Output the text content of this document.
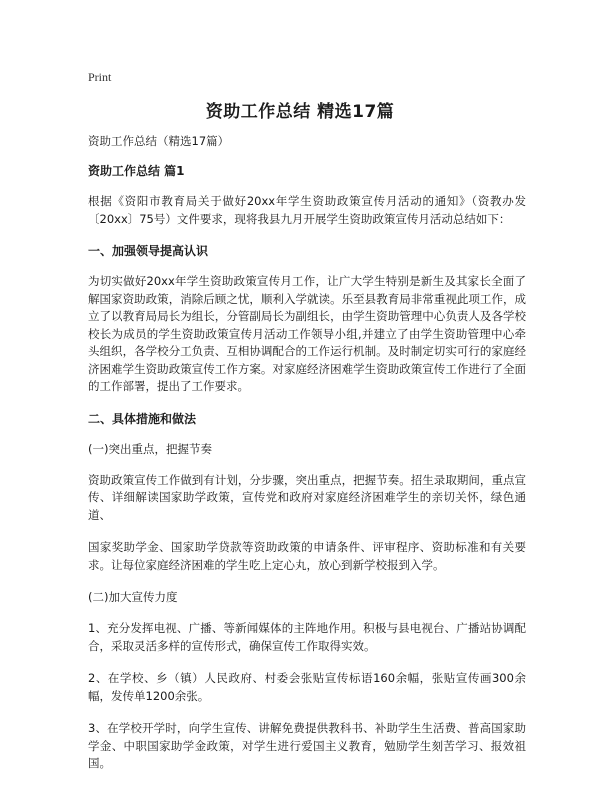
Print
资助工作总结 精选17篇

资助工作总结（精选17篇）

资助工作总结 篇1

根据《资阳市教育局关于做好20xx年学生资助政策宣传月活动的通知》（资教办发〔20xx〕75号）文件要求，现将我县九月开展学生资助政策宣传月活动总结如下：

一、加强领导提高认识

为切实做好20xx年学生资助政策宣传月工作，让广大学生特别是新生及其家长全面了解国家资助政策，消除后顾之忧，顺利入学就读。乐至县教育局非常重视此项工作，成立了以教育局局长为组长，分管副局长为副组长，由学生资助管理中心负责人及各学校校长为成员的学生资助政策宣传月活动工作领导小组,并建立了由学生资助管理中心牵头组织，各学校分工负责、互相协调配合的工作运行机制。及时制定切实可行的家庭经济困难学生资助政策宣传工作方案。对家庭经济困难学生资助政策宣传工作进行了全面的工作部署，提出了工作要求。

二、具体措施和做法

(一)突出重点，把握节奏

资助政策宣传工作做到有计划，分步骤，突出重点，把握节奏。招生录取期间，重点宣传、详细解读国家助学政策，宣传党和政府对家庭经济困难学生的亲切关怀，绿色通道、

国家奖助学金、国家助学贷款等资助政策的申请条件、评审程序、资助标准和有关要求。让每位家庭经济困难的学生吃上定心丸，放心到新学校报到入学。

(二)加大宣传力度

1、充分发挥电视、广播、等新闻媒体的主阵地作用。积极与县电视台、广播站协调配合，采取灵活多样的宣传形式，确保宣传工作取得实效。

2、在学校、乡（镇）人民政府、村委会张贴宣传标语160余幅，张贴宣传画300余幅，发传单1200余张。

3、在学校开学时，向学生宣传、讲解免费提供教科书、补助学生生活费、普高国家助学金、中职国家助学金政策，对学生进行爱国主义教育，勉励学生刻苦学习、报效祖国。
